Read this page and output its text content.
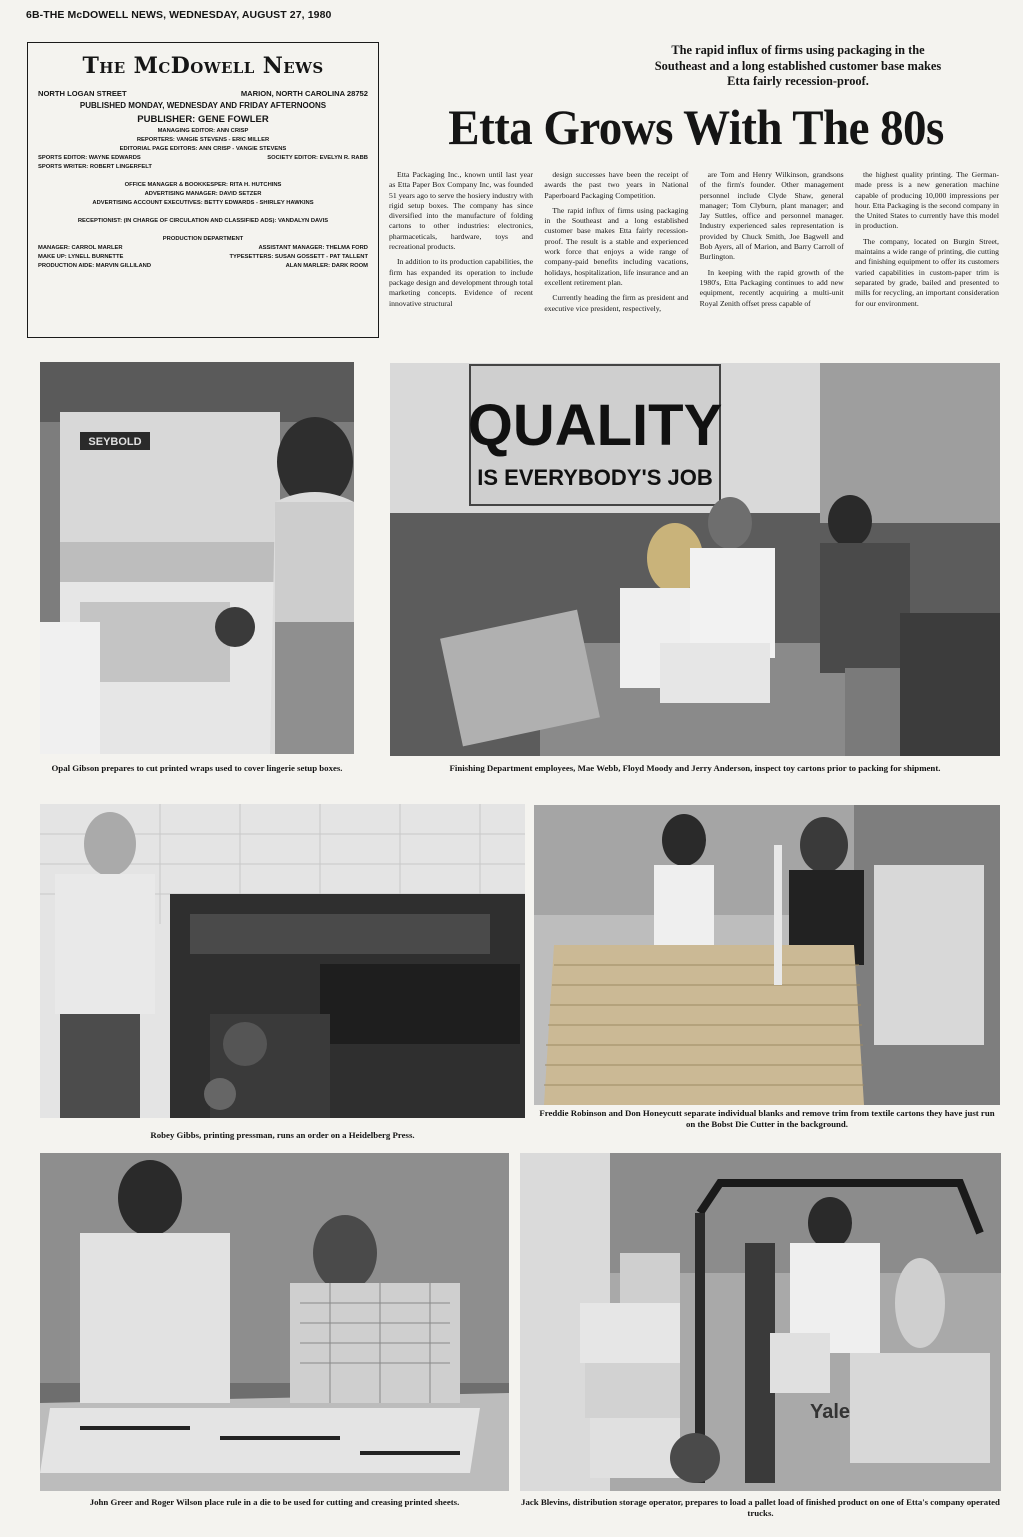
6B-THE McDOWELL NEWS, WEDNESDAY, AUGUST 27, 1980
The McDowell News
NORTH LOGAN STREET	MARION, NORTH CAROLINA 28752
PUBLISHED MONDAY, WEDNESDAY AND FRIDAY AFTERNOONS
PUBLISHER: GENE FOWLER
MANAGING EDITOR: ANN CRISP
REPORTERS: VANGIE STEVENS - ERIC MILLER
EDITORIAL PAGE EDITORS: ANN CRISP - VANGIE STEVENS
SPORTS EDITOR: WAYNE EDWARDS	SOCIETY EDITOR: EVELYN R. RABB
SPORTS WRITER: ROBERT LINGERFELT
OFFICE MANAGER & BOOKKESPER: RITA H. HUTCHINS
ADVERTISING MANAGER: DAVID SETZER
ADVERTISING ACCOUNT EXECUTIVES: BETTY EDWARDS - SHIRLEY HAWKINS
RECEPTIONIST: (IN CHARGE OF CIRCULATION AND CLASSIFIED ADS): VANDALYN DAVIS
PRODUCTION DEPARTMENT
MANAGER: CARROL MARLER	ASSISTANT MANAGER: THELMA FORD
MAKE UP: LYNELL BURNETTE	TYPESETTERS: SUSAN GOSSETT - PAT TALLENT
PRODUCTION AIDE: MARVIN GILLILAND	ALAN MARLER: DARK ROOM
The rapid influx of firms using packaging in the Southeast and a long established customer base makes Etta fairly recession-proof.
Etta Grows With The 80s

Etta Packaging Inc., known until last year as Etta Paper Box Company Inc, was founded 51 years ago to serve the hosiery industry with rigid setup boxes. The company has since diversified into the manufacture of folding cartons to other industries: electronics, pharmaceticals, hardware, toys and recreational products.

In addition to its production capabilities, the firm has expanded its operation to include package design and development through total marketing concepts. Evidence of recent innovative structural

design successes have been the receipt of awards the past two years in National Paperboard Packaging Competition.

The rapid influx of firms using packaging in the Southeast and a long established customer base makes Etta fairly recession-proof. The result is a stable and experienced work force that enjoys a wide range of company-paid benefits including vacations, holidays, hospitalization, life insurance and an excellent retirement plan.

Currently heading the firm as president and executive vice president, respectively,

are Tom and Henry Wilkinson, grandsons of the firm's founder. Other management personnel include Clyde Shaw, general manager; Tom Clyburn, plant manager; and Jay Suttles, office and personnel manager. Industry experienced sales representation is provided by Chuck Smith, Joe Bagwell and Bob Ayers, all of Marion, and Barry Carroll of Burlington.

In keeping with the rapid growth of the 1980's, Etta Packaging continues to add new equipment, recently acquiring a multi-unit Royal Zenith offset press capable of

the highest quality printing. The German-made press is a new generation machine capable of producing 10,000 impressions per hour. Etta Packaging is the second company in the United States to currently have this model in production.

The company, located on Burgin Street, maintains a wide range of printing, die cutting and finishing equipment to offer its customers varied capabilities in custom-paper trim is separated by grade, bailed and presented to mills for recycling, an important consideration for our environment.

SEYBOLD
Opal Gibson prepares to cut printed wraps used to cover lingerie setup boxes.
QUALITY
IS EVERYBODY'S JOB
Finishing Department employees, Mae Webb, Floyd Moody and Jerry Anderson, inspect toy cartons prior to packing for shipment.
Robey Gibbs, printing pressman, runs an order on a Heidelberg Press.
Freddie Robinson and Don Honeycutt separate individual blanks and remove trim from textile cartons they have just run on the Bobst Die Cutter in the background.
John Greer and Roger Wilson place rule in a die to be used for cutting and creasing printed sheets.
Yale
Jack Blevins, distribution storage operator, prepares to load a pallet load of finished product on one of Etta's company operated trucks.
